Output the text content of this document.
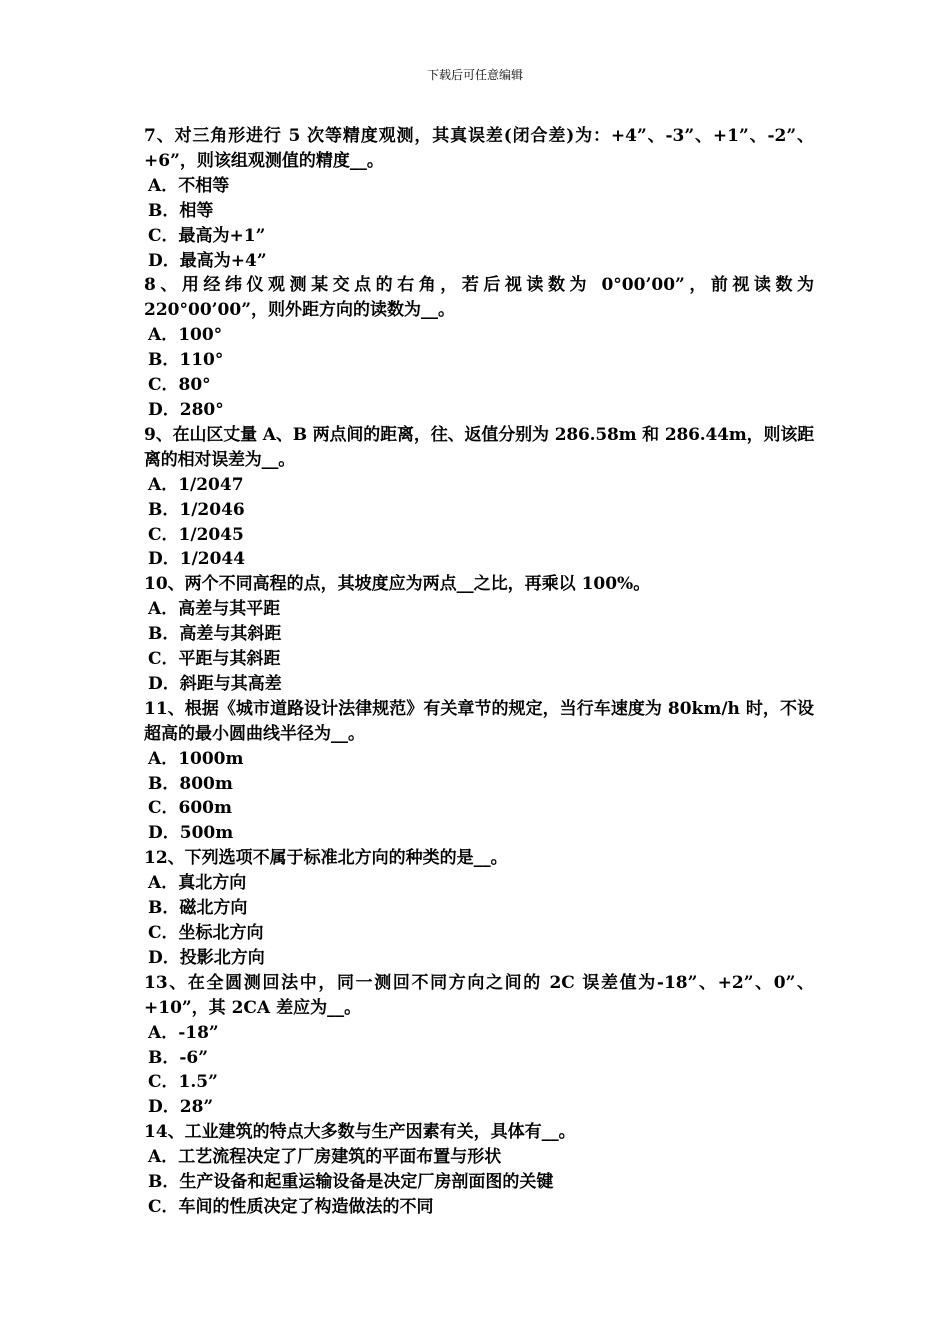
下载后可任意编辑

7、对三角形进行 5 次等精度观测，其真误差(闭合差)为：+4”、-3”、+1”、-2”、+6”，则该组观测值的精度__。

A．不相等

B．相等

C．最高为+1”

D．最高为+4”

8、用经纬仪观测某交点的右角，若后视读数为 0°00’00”，前视读数为 220°00’00”，则外距方向的读数为__。

A．100°

B．110°

C．80°

D．280°

9、在山区丈量 A、B 两点间的距离，往、返值分别为 286.58m 和 286.44m，则该距离的相对误差为__。

A．1/2047

B．1/2046

C．1/2045

D．1/2044

10、两个不同高程的点，其坡度应为两点__之比，再乘以 100%。

A．高差与其平距

B．高差与其斜距

C．平距与其斜距

D．斜距与其高差

11、根据《城市道路设计法律规范》有关章节的规定，当行车速度为 80km/h 时，不设超高的最小圆曲线半径为__。

A．1000m

B．800m

C．600m

D．500m

12、下列选项不属于标准北方向的种类的是__。

A．真北方向

B．磁北方向

C．坐标北方向

D．投影北方向

13、在全圆测回法中，同一测回不同方向之间的 2C 误差值为-18”、+2”、0”、+10”，其 2CA 差应为__。

A．-18”

B．-6”

C．1.5”

D．28”

14、工业建筑的特点大多数与生产因素有关，具体有__。

A．工艺流程决定了厂房建筑的平面布置与形状

B．生产设备和起重运输设备是决定厂房剖面图的关键

C．车间的性质决定了构造做法的不同
